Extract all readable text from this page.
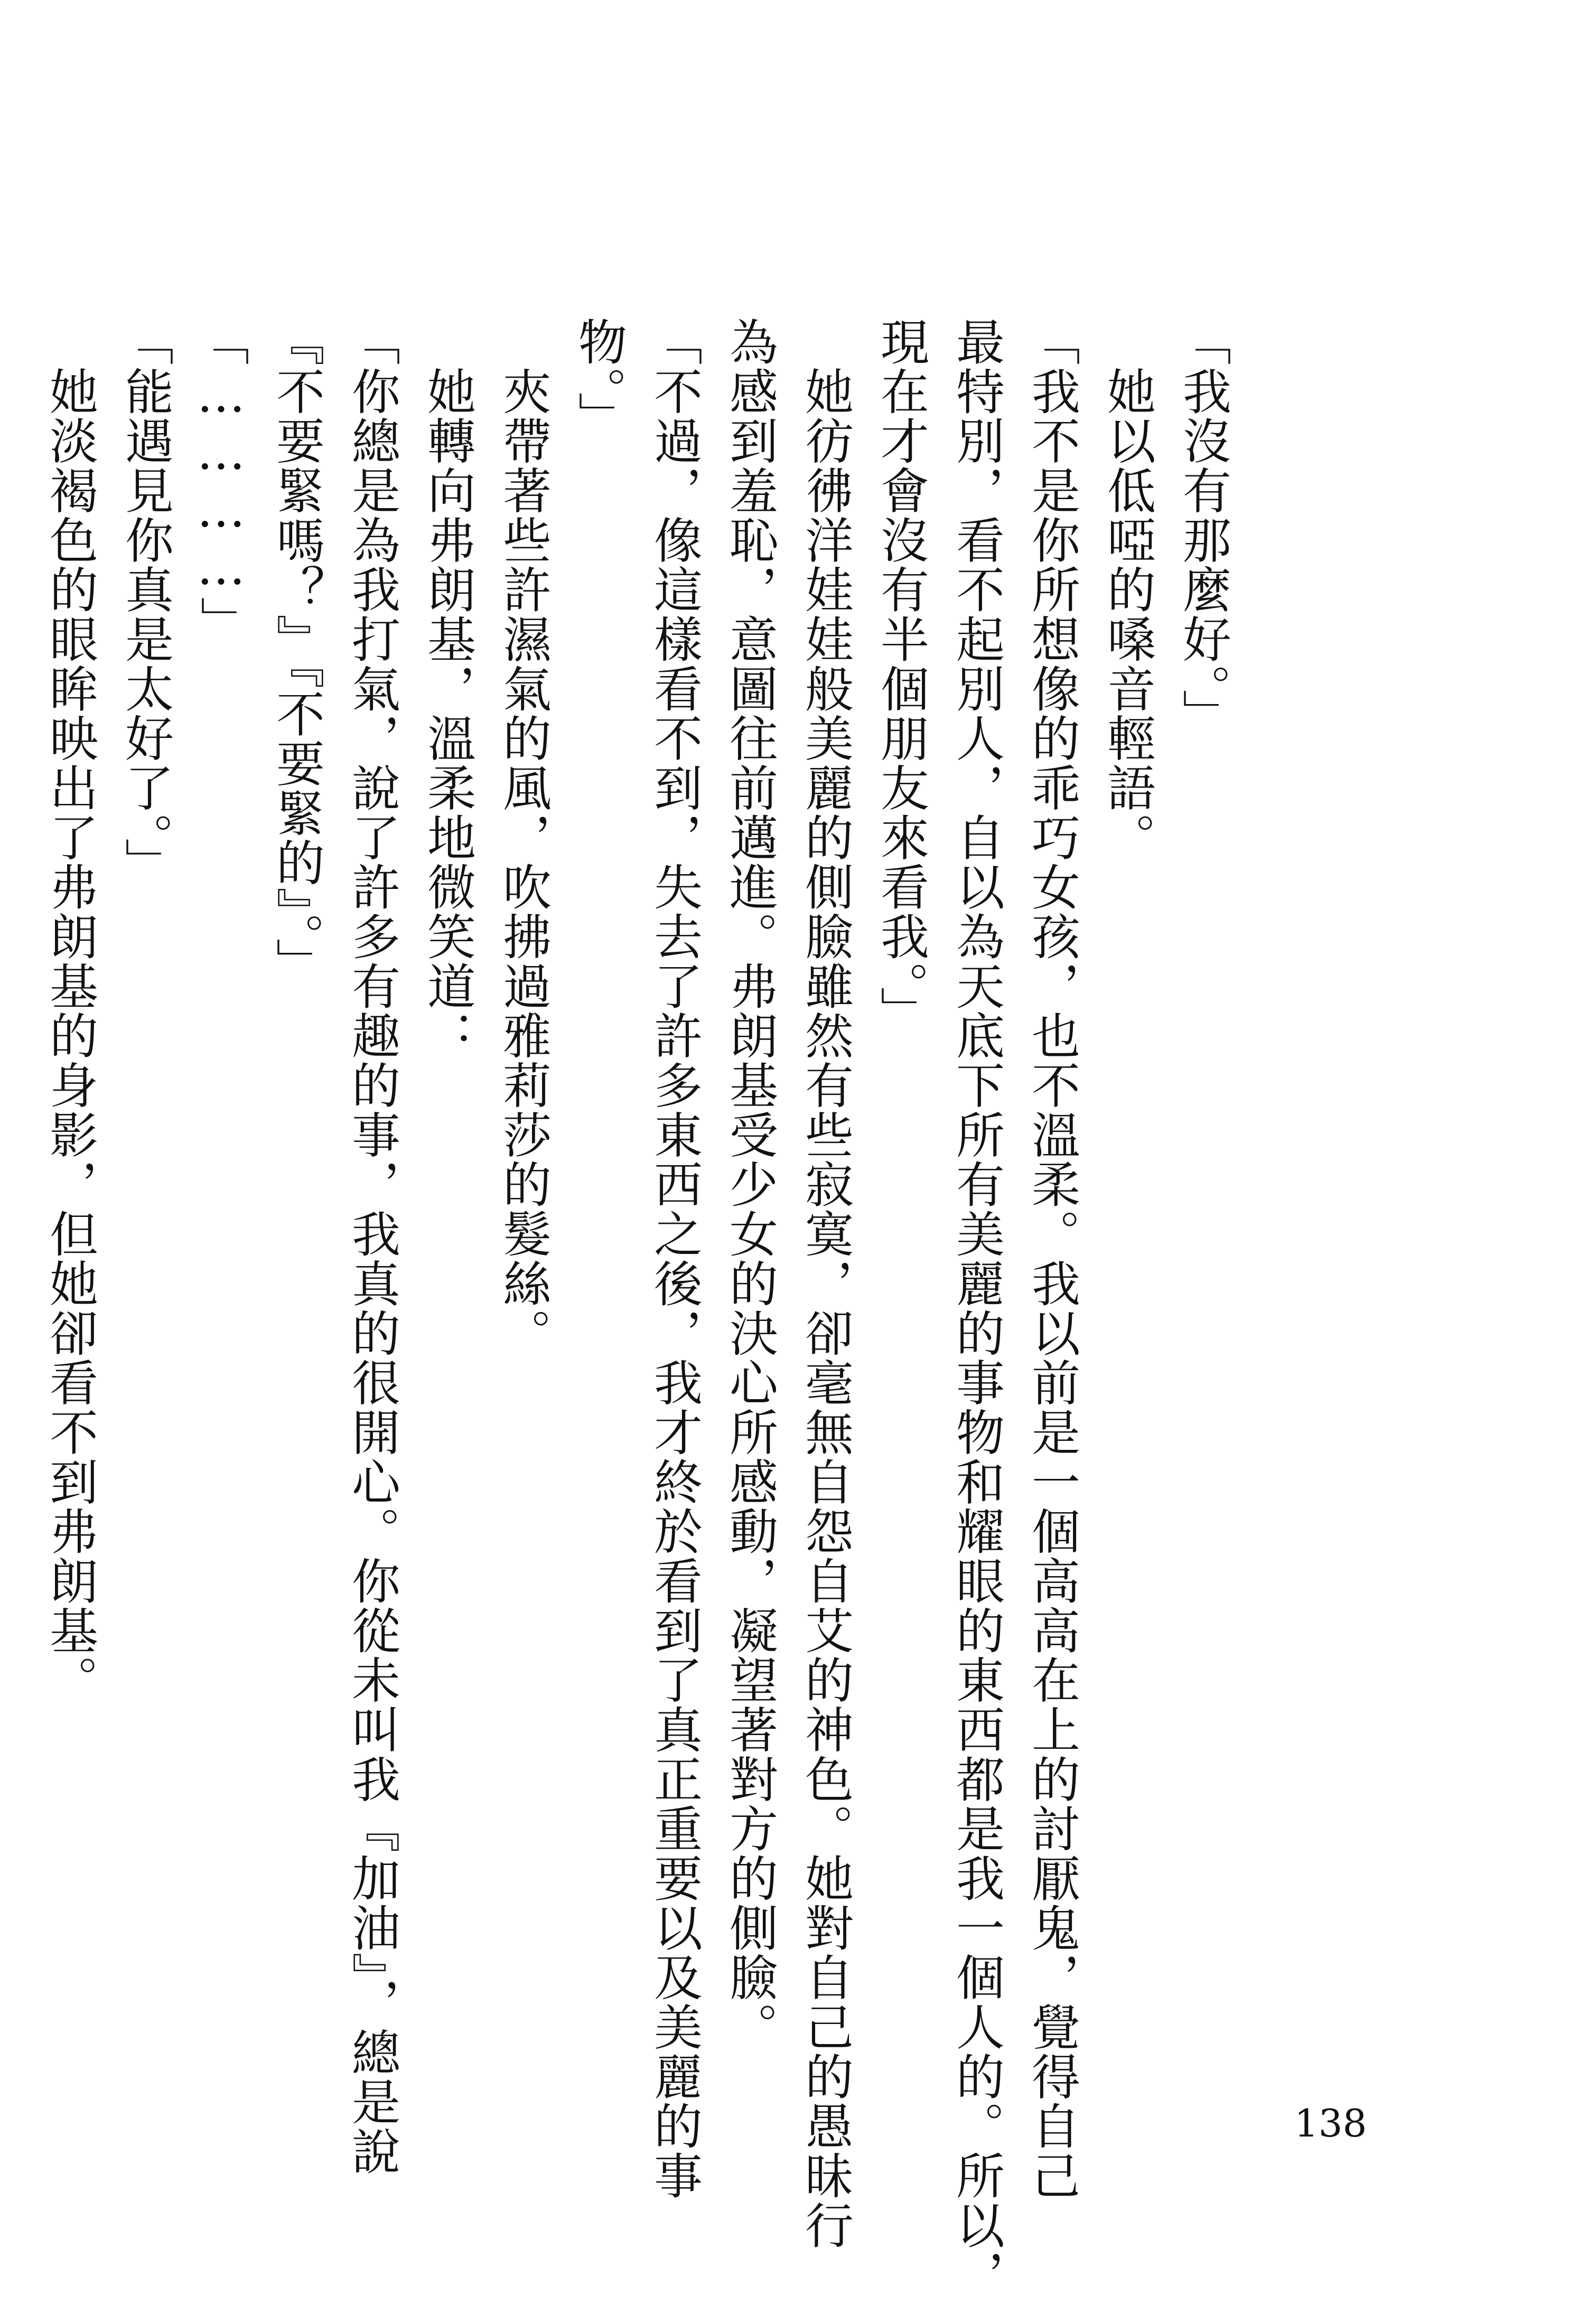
「我沒有那麼好。」
　她以低啞的嗓音輕語。
「我不是你所想像的乖巧女孩，也不溫柔。我以前是一個高高在上的討厭鬼，覺得自己
最特別，看不起別人，自以為天底下所有美麗的事物和耀眼的東西都是我一個人的。所以，
現在才會沒有半個朋友來看我。」
　她彷彿洋娃娃般美麗的側臉雖然有些寂寞，卻毫無自怨自艾的神色。她對自己的愚昧行
為感到羞恥，意圖往前邁進。弗朗基受少女的決心所感動，凝望著對方的側臉。
「不過，像這樣看不到，失去了許多東西之後，我才終於看到了真正重要以及美麗的事
物。」
　夾帶著些許濕氣的風，吹拂過雅莉莎的髮絲。
　她轉向弗朗基，溫柔地微笑道：
「你總是為我打氣，說了許多有趣的事，我真的很開心。你從未叫我『加油』，總是說
『不要緊嗎？』『不要緊的』。」
「…………」
「能遇見你真是太好了。」
　她淡褐色的眼眸映出了弗朗基的身影，但她卻看不到弗朗基。
138
